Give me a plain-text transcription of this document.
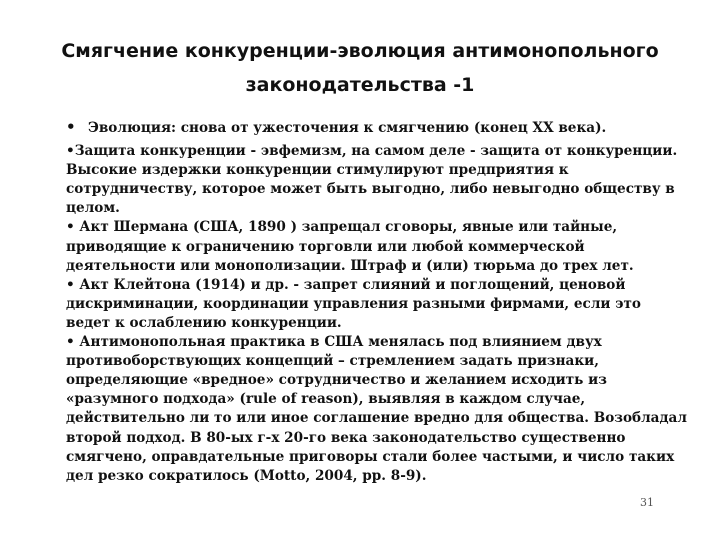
Смягчение конкуренции-эволюция антимонопольного
законодательства -1

• Эволюция: снова от ужесточения к смягчению (конец XX века).

•Защита конкуренции - эвфемизм, на самом деле - защита от конкуренции. Высокие издержки конкуренции стимулируют предприятия к сотрудничеству, которое может быть выгодно, либо невыгодно обществу в целом.

• Акт Шермана (США, 1890 ) запрещал сговоры, явные или тайные, приводящие к ограничению торговли или любой коммерческой деятельности или монополизации. Штраф и (или) тюрьма до трех лет.

• Акт Клейтона (1914) и др. - запрет слияний и поглощений, ценовой дискриминации, координации управления разными фирмами, если это ведет к ослаблению конкуренции.

• Антимонопольная практика в США менялась под влиянием двух противоборствующих концепций – стремлением задать признаки, определяющие «вредное» сотрудничество и желанием исходить из «разумного подхода» (rule of reason), выявляя в каждом случае, действительно ли то или иное соглашение вредно для общества. Возобладал второй подход. В 80-ых г-х 20-го века законодательство существенно смягчено, оправдательные приговоры стали более частыми, и число таких дел резко сократилось (Motto, 2004, pp. 8-9).

31
